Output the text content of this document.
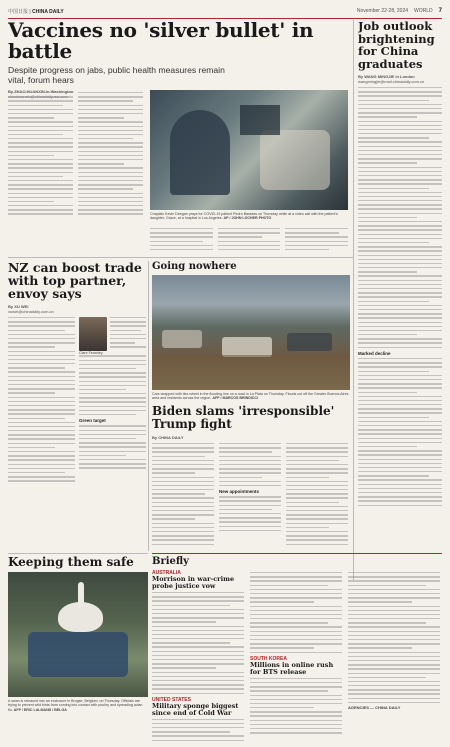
中国日报 | CHINA DAILY	November 22-28, 2024 WORLD 7
Vaccines no 'silver bullet' in battle
Despite progress on jabs, public health measures remain vital, forum hears
Chaplain Kevin Deegan prays for COVID-19 patient Pedro Baradas on Thursday while at a video call with the patient's daughter, Grace, at a hospital in Los Angeles. AP / JOHN LOCHER PHOTO
Job outlook brightening for China graduates
By WANG MINGJIE in London
wangmingjie@mail.chinadaily.com.cn
Marked decline
NZ can boost trade with top partner, envoy says
By XU WEI
xuwei@chinadaily.com.cn
Clare Fearnley
Green target
Going nowhere
Cars wrapped with ties wheel in the flooding line on a road in La Plata on Thursday. Floods cut off the Greater Buenos Aires area and residents across the region. AFP / MARCOS BRINDICCI
Biden slams 'irresponsible' Trump fight
By CHINA DAILY
New appointments
Keeping them safe
A swan is released into an enclosure in Brugse, Belgium, on Thursday. Officials are trying to prevent wild birds from coming into contact with poultry and spreading avian flu. AFP / ERIC LALMAND / BELGA
Briefly
AUSTRALIA
Morrison in war-crime probe justice vow
UNITED STATES
Military sponge biggest since end of Cold War
SOUTH KOREA
Millions in online rush for BTS release
AGENCIES — CHINA DAILY
